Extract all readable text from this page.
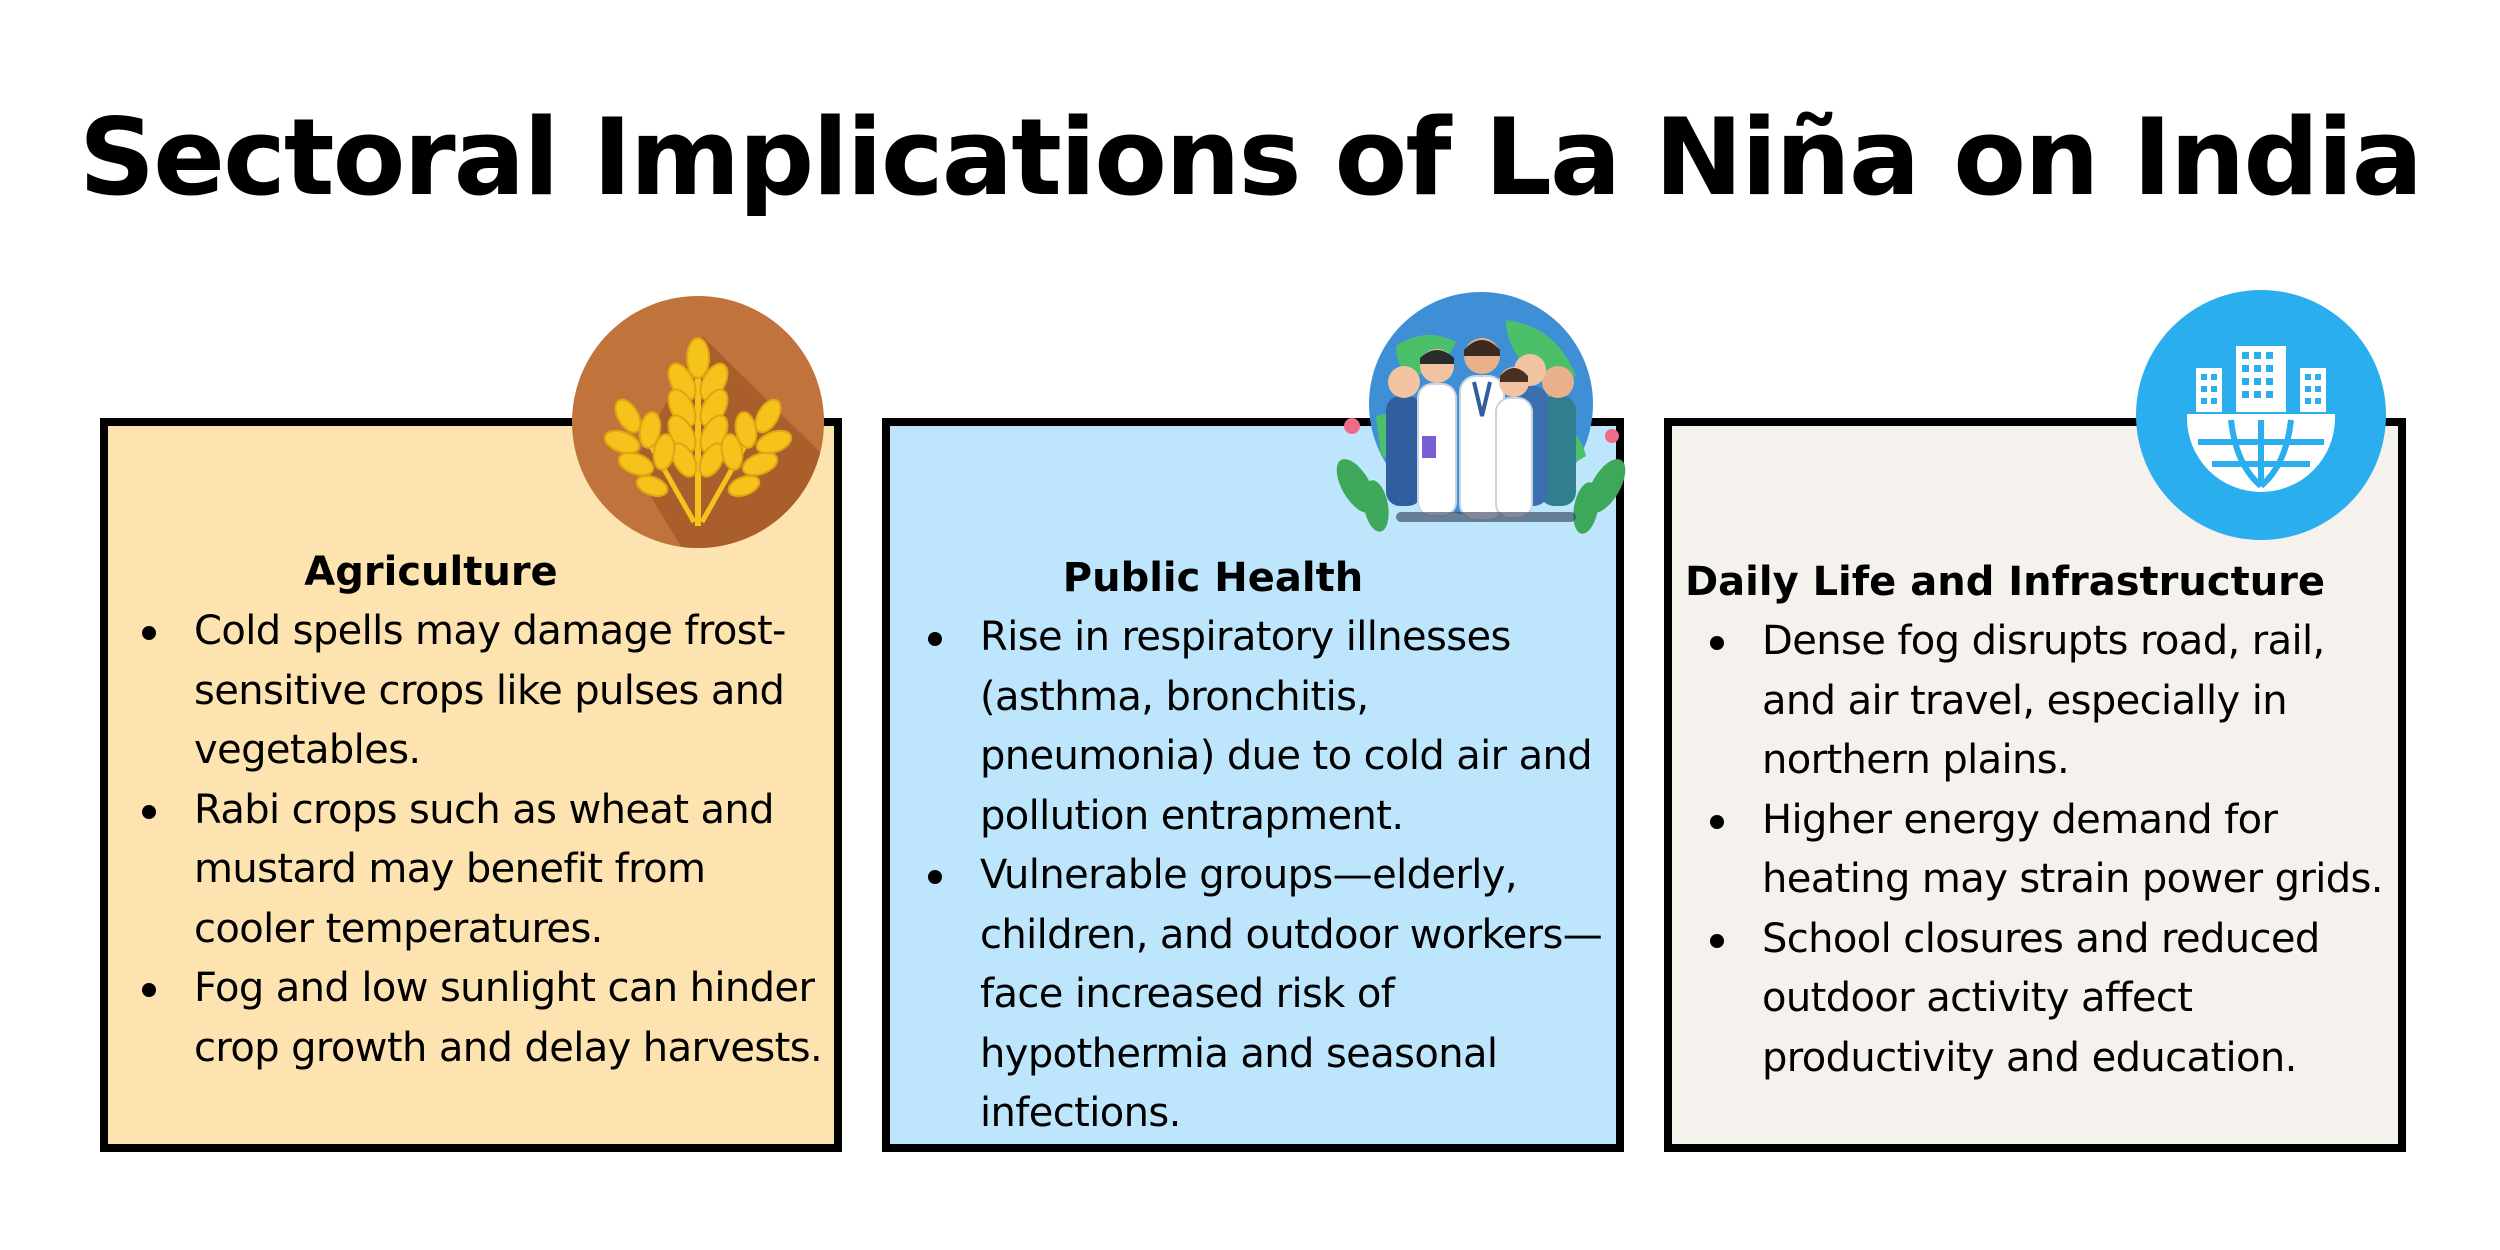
Sectoral Implications of La Niña on India
Agriculture
Cold spells may damage frost-sensitive crops like pulses and vegetables.
Rabi crops such as wheat and mustard may benefit from cooler temperatures.
Fog and low sunlight can hinder crop growth and delay harvests.
Public Health
Rise in respiratory illnesses (asthma, bronchitis, pneumonia) due to cold air and pollution entrapment.
Vulnerable groups—elderly, children, and outdoor workers—face increased risk of hypothermia and seasonal infections.
Daily Life and Infrastructure
Dense fog disrupts road, rail, and air travel, especially in northern plains.
Higher energy demand for heating may strain power grids.
School closures and reduced outdoor activity affect productivity and education.
